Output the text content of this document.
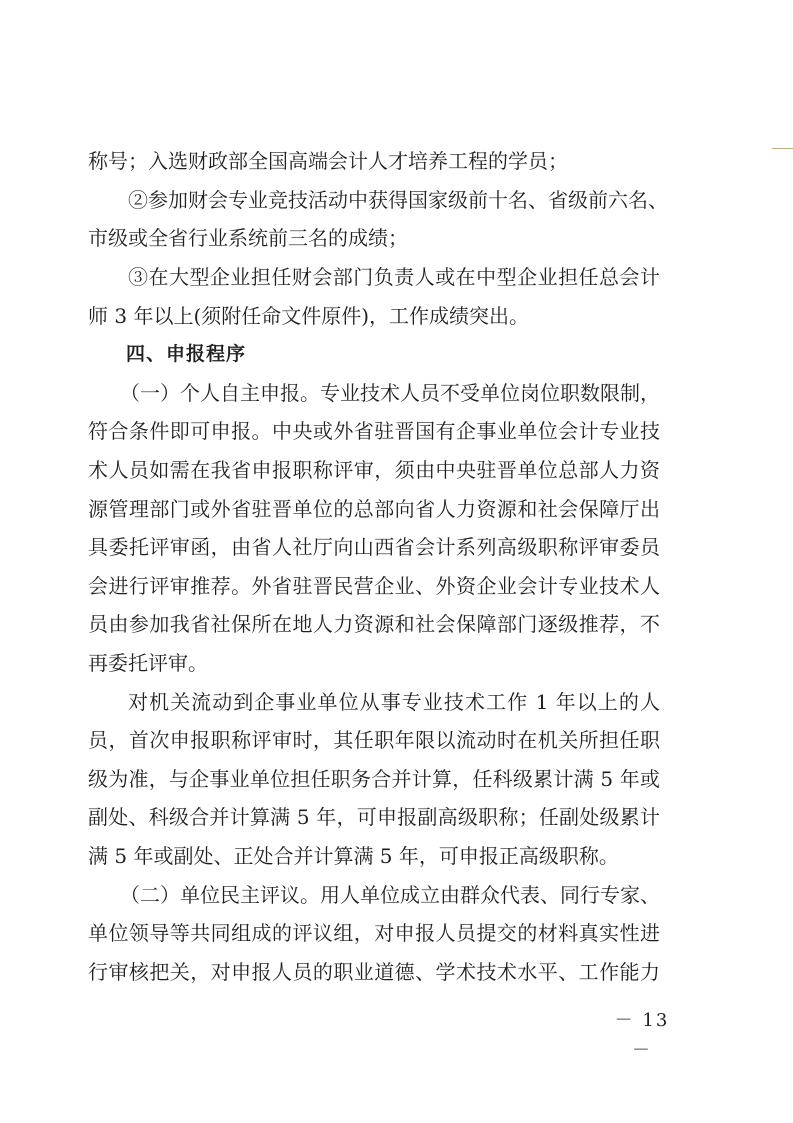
称号；入选财政部全国高端会计人才培养工程的学员；
②参加财会专业竞技活动中获得国家级前十名、省级前六名、
市级或全省行业系统前三名的成绩；
③在大型企业担任财会部门负责人或在中型企业担任总会计
师 3 年以上(须附任命文件原件)，工作成绩突出。
四、申报程序
（一）个人自主申报。专业技术人员不受单位岗位职数限制，
符合条件即可申报。中央或外省驻晋国有企事业单位会计专业技
术人员如需在我省申报职称评审，须由中央驻晋单位总部人力资
源管理部门或外省驻晋单位的总部向省人力资源和社会保障厅出
具委托评审函，由省人社厅向山西省会计系列高级职称评审委员
会进行评审推荐。外省驻晋民营企业、外资企业会计专业技术人
员由参加我省社保所在地人力资源和社会保障部门逐级推荐，不
再委托评审。
对机关流动到企事业单位从事专业技术工作 1 年以上的人
员，首次申报职称评审时，其任职年限以流动时在机关所担任职
级为准，与企事业单位担任职务合并计算，任科级累计满 5 年或
副处、科级合并计算满 5 年，可申报副高级职称；任副处级累计
满 5 年或副处、正处合并计算满 5 年，可申报正高级职称。
（二）单位民主评议。用人单位成立由群众代表、同行专家、
单位领导等共同组成的评议组，对申报人员提交的材料真实性进
行审核把关，对申报人员的职业道德、学术技术水平、工作能力
－ 13 －
